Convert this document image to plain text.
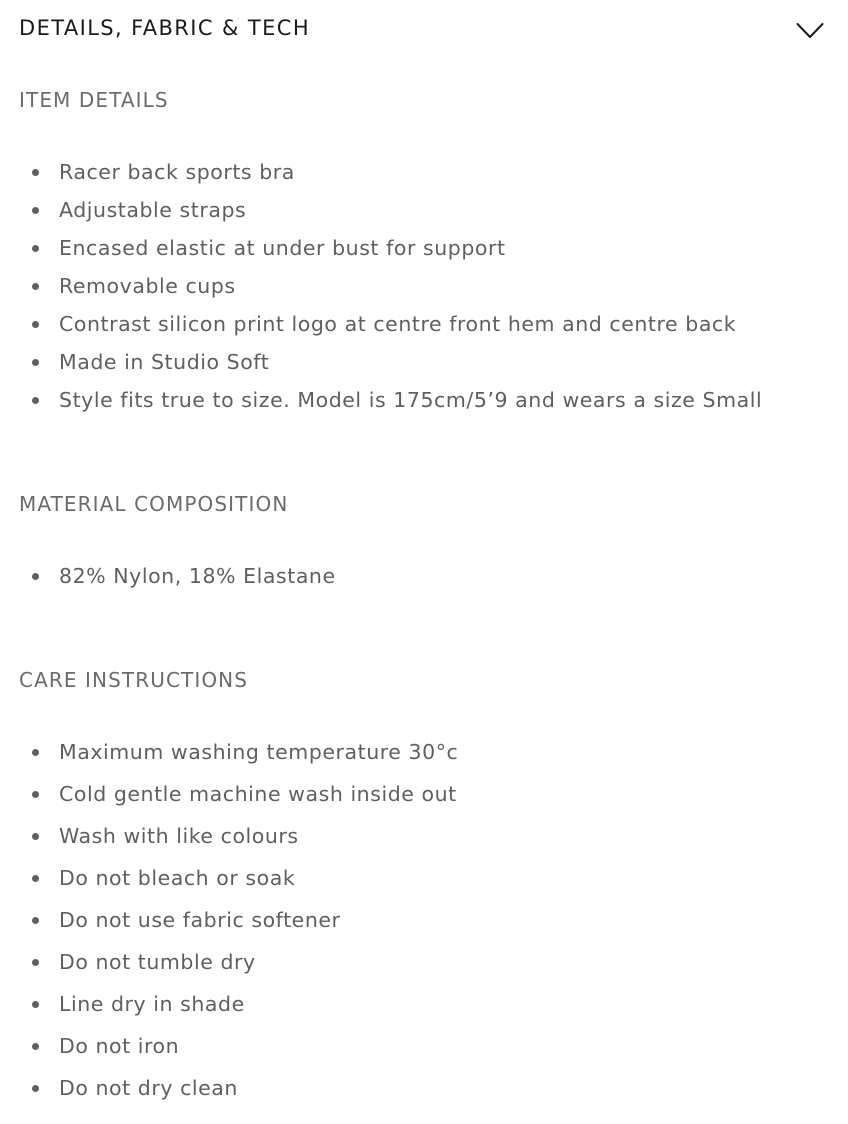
DETAILS, FABRIC & TECH
ITEM DETAILS
Racer back sports bra
Adjustable straps
Encased elastic at under bust for support
Removable cups
Contrast silicon print logo at centre front hem and centre back
Made in Studio Soft
Style fits true to size. Model is 175cm/5’9 and wears a size Small
MATERIAL COMPOSITION
82% Nylon, 18% Elastane
CARE INSTRUCTIONS
Maximum washing temperature 30°c
Cold gentle machine wash inside out
Wash with like colours
Do not bleach or soak
Do not use fabric softener
Do not tumble dry
Line dry in shade
Do not iron
Do not dry clean
